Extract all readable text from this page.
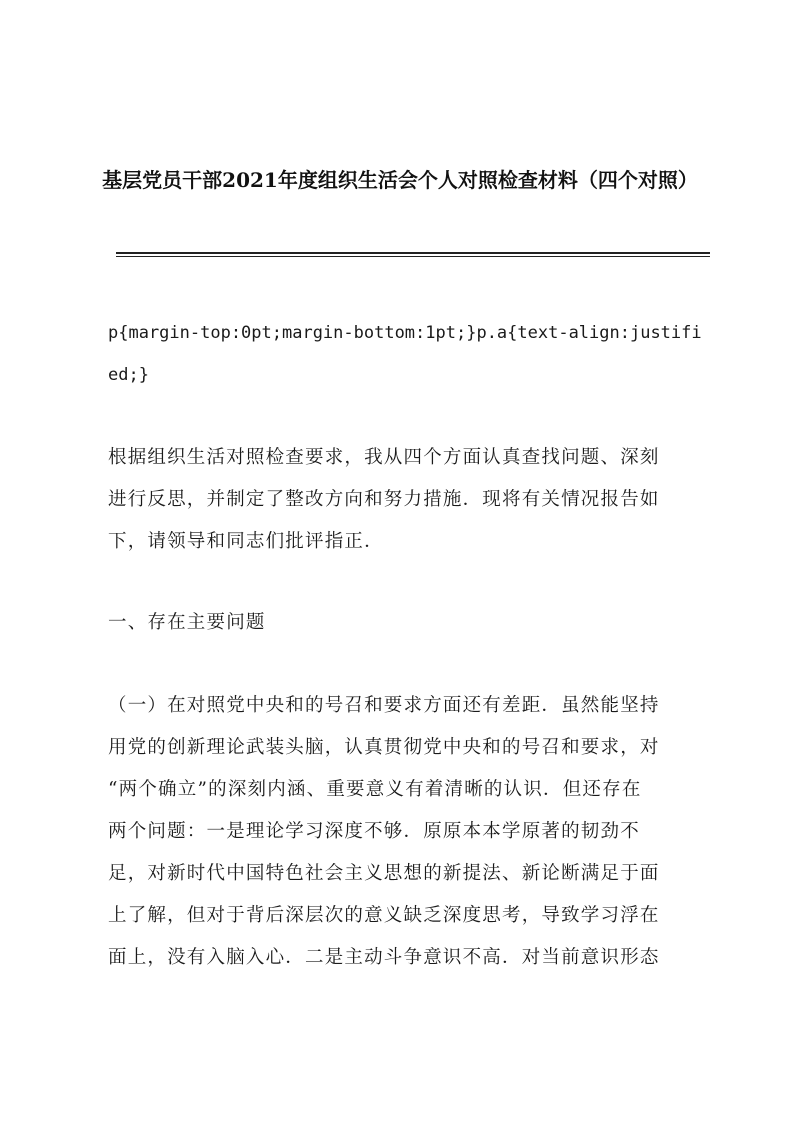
基层党员干部2021年度组织生活会个人对照检查材料（四个对照）

p{margin-top:0pt;margin-bottom:1pt;}p.a{text-align:justified;}

根据组织生活对照检查要求，我从四个方面认真查找问题、深刻
进行反思，并制定了整改方向和努力措施．现将有关情况报告如
下，请领导和同志们批评指正．

一、存在主要问题

（一）在对照党中央和的号召和要求方面还有差距．虽然能坚持
用党的创新理论武装头脑，认真贯彻党中央和的号召和要求，对
“两个确立”的深刻内涵、重要意义有着清晰的认识．但还存在
两个问题：一是理论学习深度不够．原原本本学原著的韧劲不
足，对新时代中国特色社会主义思想的新提法、新论断满足于面
上了解，但对于背后深层次的意义缺乏深度思考，导致学习浮在
面上，没有入脑入心．二是主动斗争意识不高．对当前意识形态
